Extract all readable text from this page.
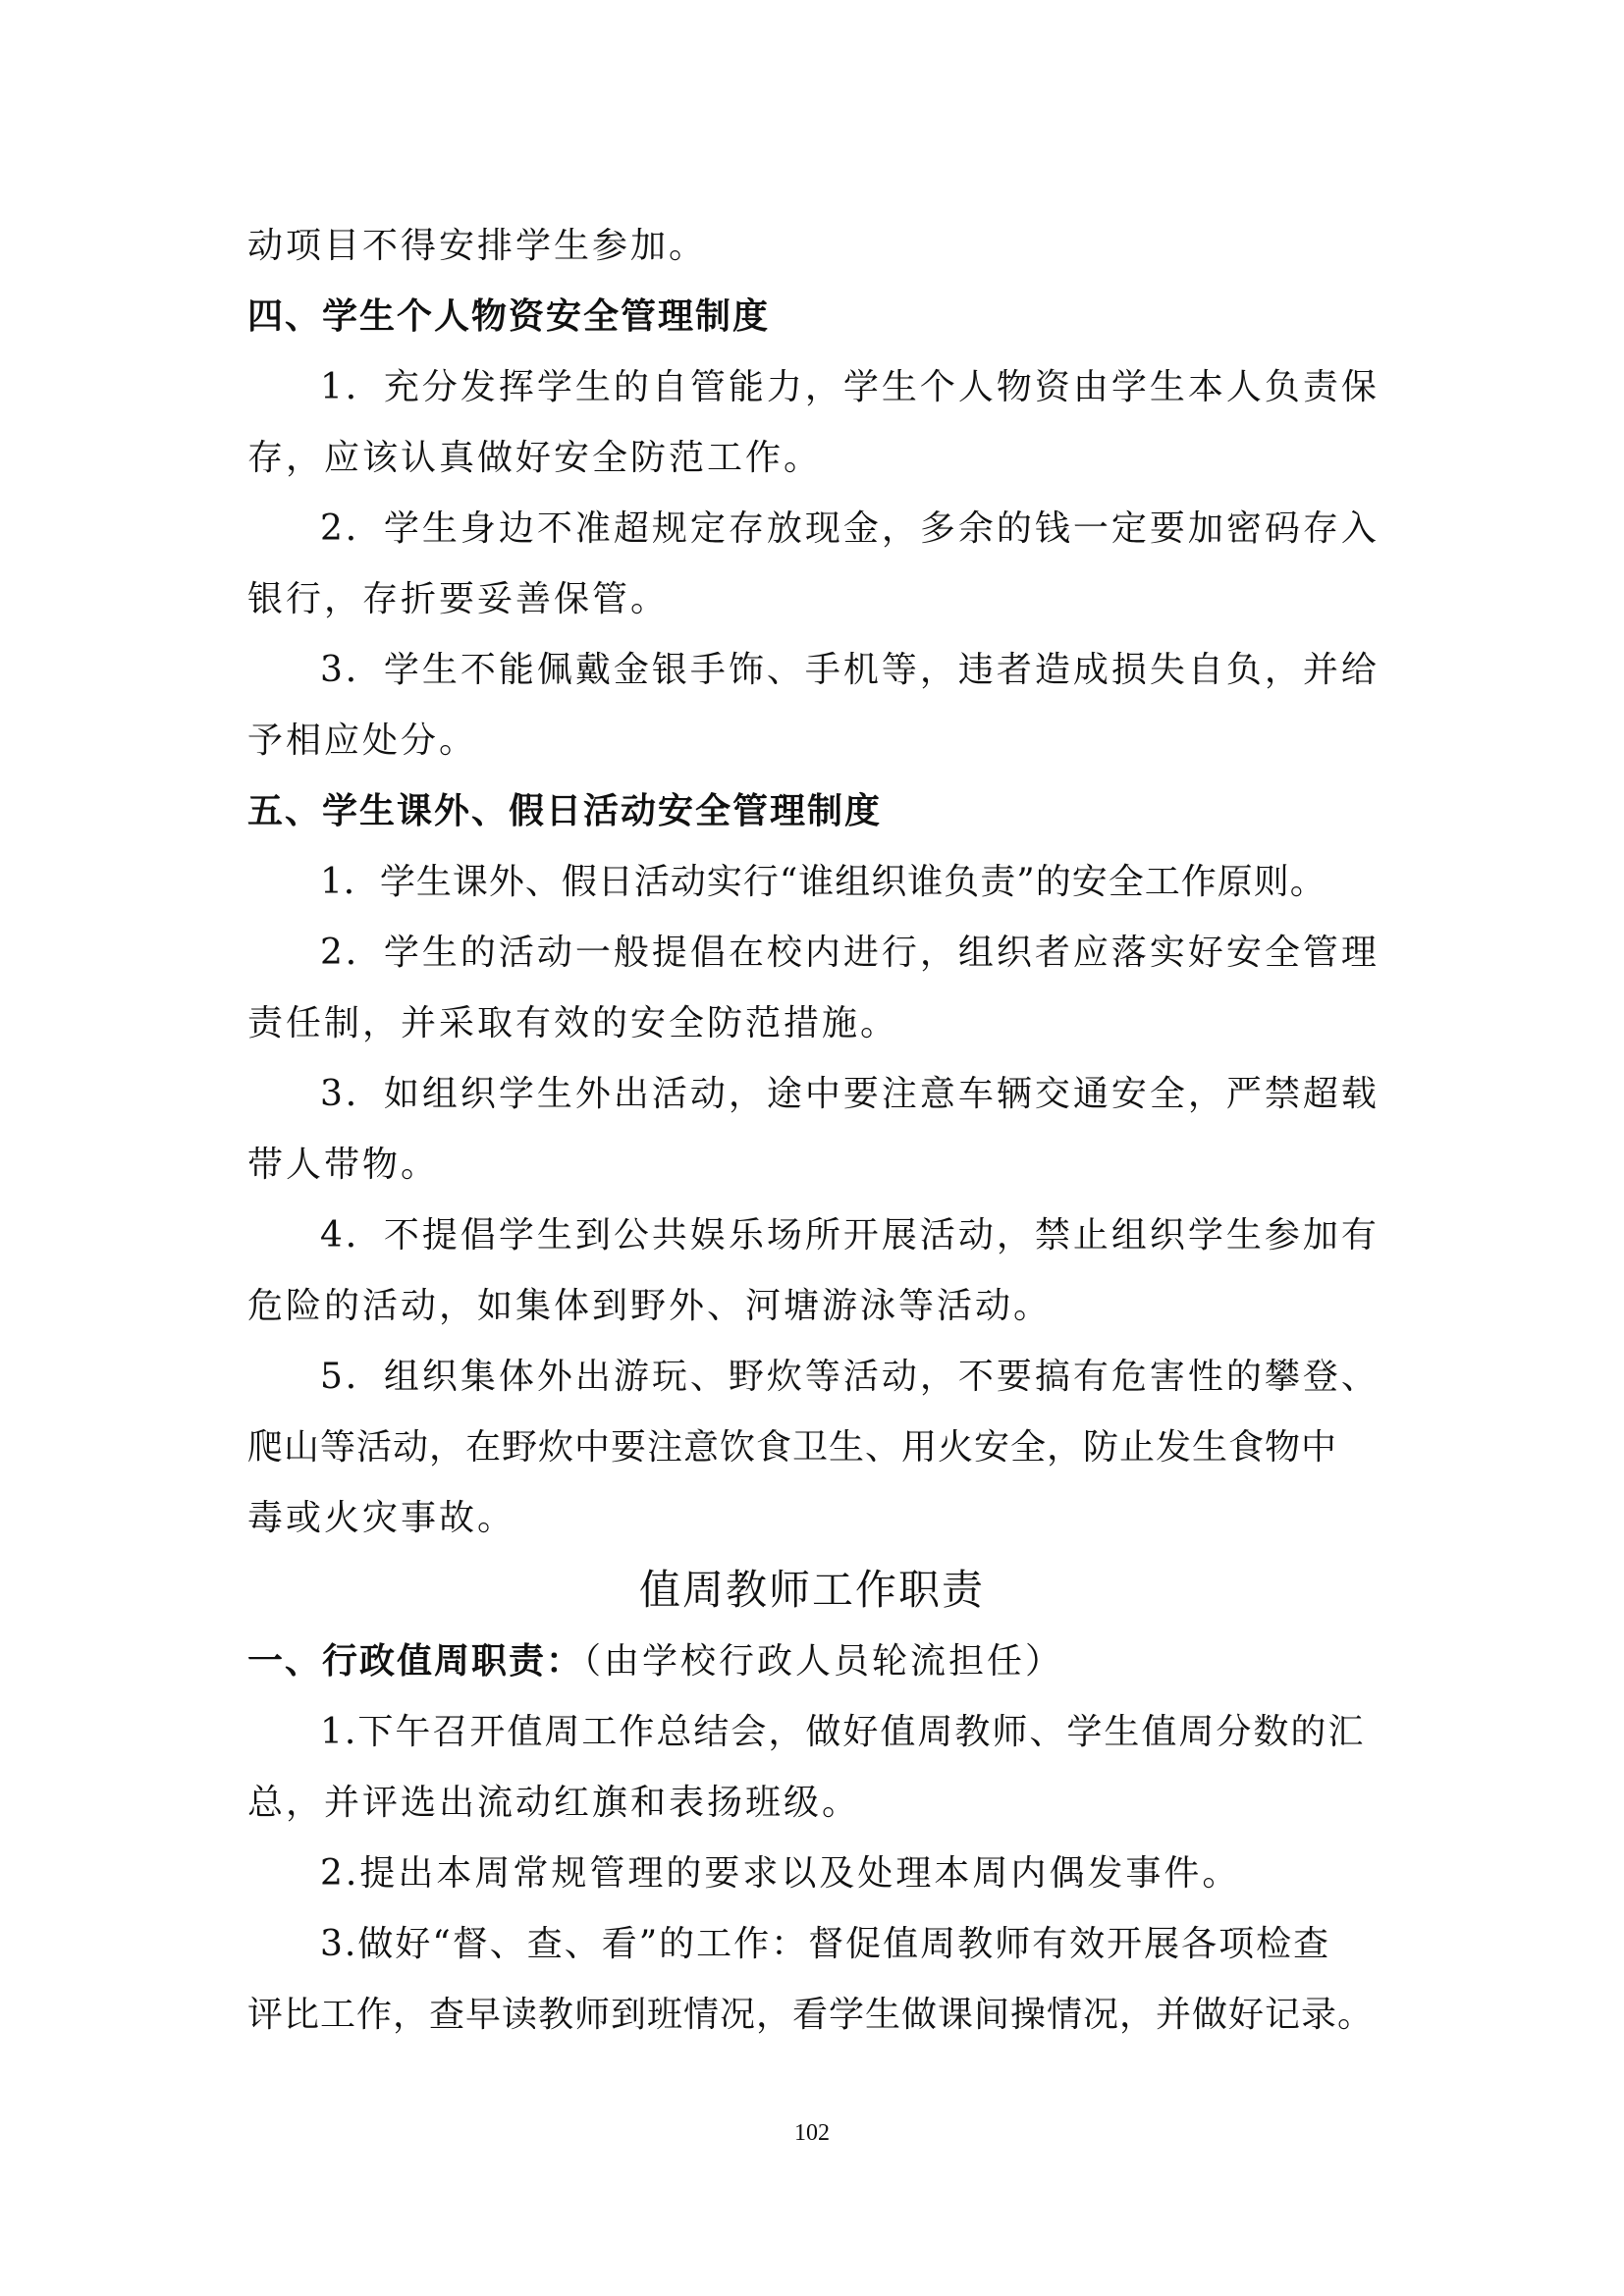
动项目不得安排学生参加。
四、学生个人物资安全管理制度
1．充分发挥学生的自管能力，学生个人物资由学生本人负责保
存，应该认真做好安全防范工作。
2．学生身边不准超规定存放现金，多余的钱一定要加密码存入
银行，存折要妥善保管。
3．学生不能佩戴金银手饰、手机等，违者造成损失自负，并给
予相应处分。
五、学生课外、假日活动安全管理制度
1．学生课外、假日活动实行“谁组织谁负责”的安全工作原则。
2．学生的活动一般提倡在校内进行，组织者应落实好安全管理
责任制，并采取有效的安全防范措施。
3．如组织学生外出活动，途中要注意车辆交通安全，严禁超载
带人带物。
4．不提倡学生到公共娱乐场所开展活动，禁止组织学生参加有
危险的活动，如集体到野外、河塘游泳等活动。
5．组织集体外出游玩、野炊等活动，不要搞有危害性的攀登、
爬山等活动，在野炊中要注意饮食卫生、用火安全，防止发生食物中
毒或火灾事故。
值周教师工作职责
一、行政值周职责：（由学校行政人员轮流担任）
1.下午召开值周工作总结会，做好值周教师、学生值周分数的汇
总，并评选出流动红旗和表扬班级。
2.提出本周常规管理的要求以及处理本周内偶发事件。
3.做好“督、查、看”的工作：督促值周教师有效开展各项检查
评比工作，查早读教师到班情况，看学生做课间操情况，并做好记录。
102
